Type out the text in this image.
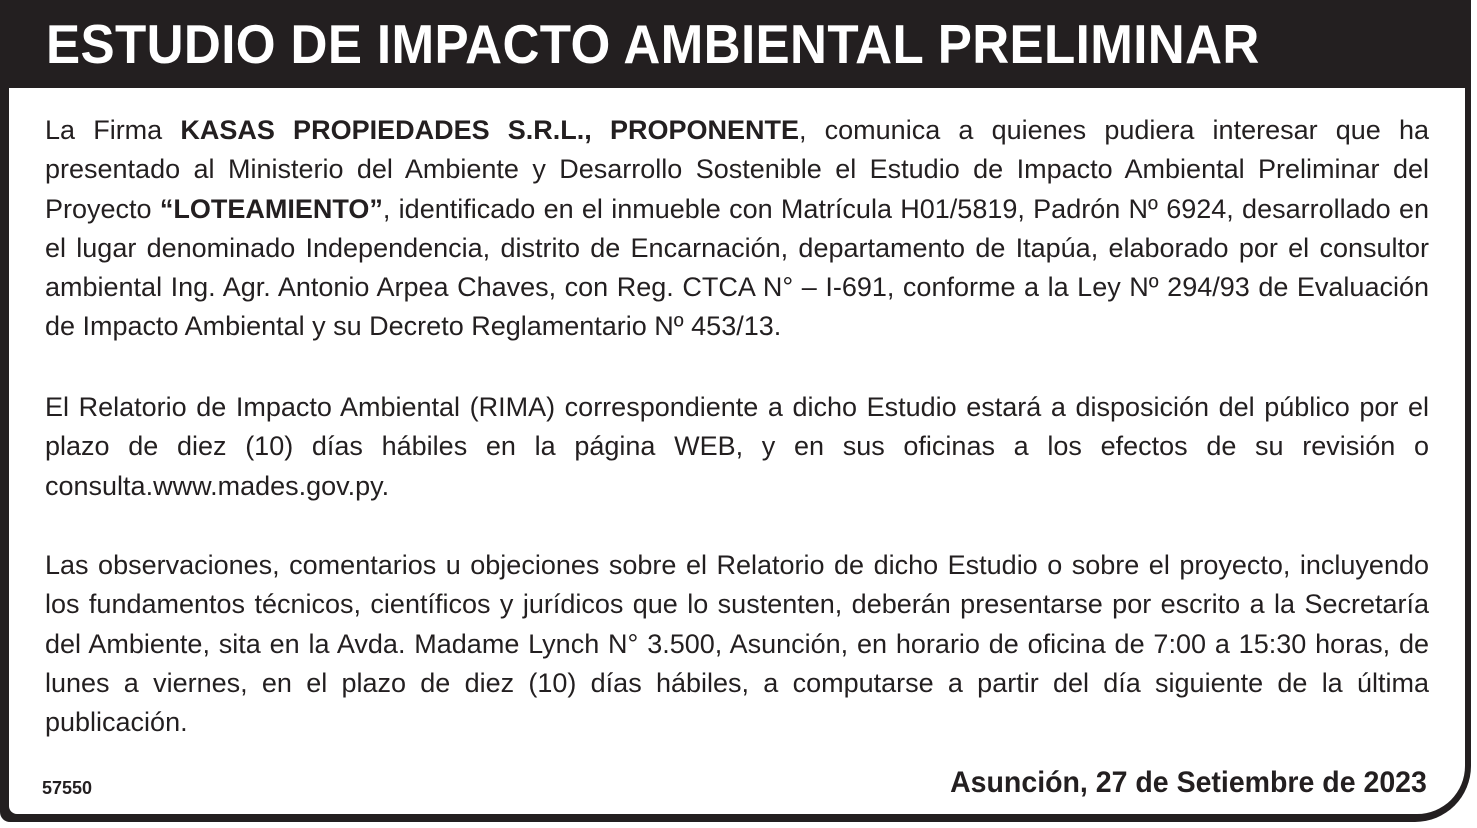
ESTUDIO DE IMPACTO AMBIENTAL PRELIMINAR

La Firma KASAS PROPIEDADES S.R.L., PROPONENTE, comunica a quienes pudiera interesar que ha presentado al Ministerio del Ambiente y Desarrollo Sostenible el Estudio de Impacto Ambiental Preliminar del Proyecto “LOTEAMIENTO”, identificado en el inmueble con Matrícula H01/5819, Padrón Nº 6924, desarrollado en el lugar denominado Independencia, distrito de Encarnación, departamento de Itapúa, elaborado por el consultor ambiental Ing. Agr. Antonio Arpea Chaves, con Reg. CTCA N° – I-691, conforme a la Ley Nº 294/93 de Evaluación de Impacto Ambiental y su Decreto Reglamentario Nº 453/13.

El Relatorio de Impacto Ambiental (RIMA) correspondiente a dicho Estudio estará a disposición del público por el plazo de diez (10) días hábiles en la página WEB, y en sus oficinas a los efectos de su revisión o consulta.www.mades.gov.py.

Las observaciones, comentarios u objeciones sobre el Relatorio de dicho Estudio o sobre el proyecto, incluyendo los fundamentos técnicos, científicos y jurídicos que lo sustenten, deberán presentarse por escrito a la Secretaría del Ambiente, sita en la Avda. Madame Lynch N° 3.500, Asunción, en horario de oficina de 7:00 a 15:30 horas, de lunes a viernes, en el plazo de diez (10) días hábiles, a computarse a partir del día siguiente de la última publicación.

57550	Asunción, 27 de Setiembre de 2023
